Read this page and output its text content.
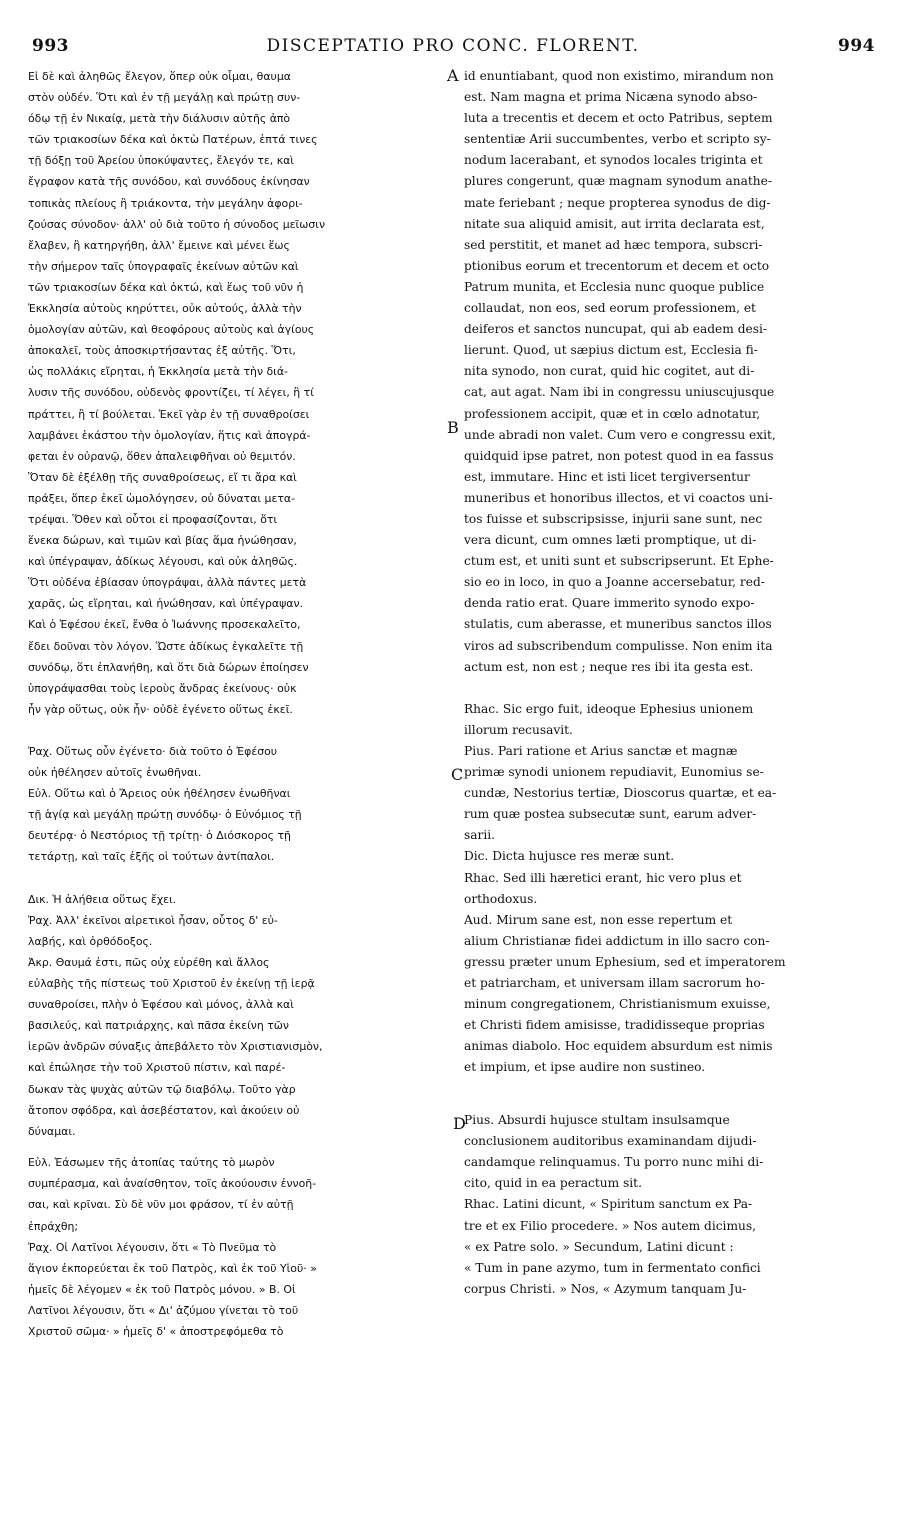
993	DISCEPTATIO PRO CONC. FLORENT.	994
Εἰ δὲ καὶ ἀληθῶς ἔλεγον, ὅπερ οὐκ οἶμαι, θαυμα
στὸν οὐδέν. Ὅτι καὶ ἐν τῇ μεγάλῃ καὶ πρώτῃ συν-
όδῳ τῇ ἐν Νικαίᾳ, μετὰ τὴν διάλυσιν αὐτῆς ἀπὸ
τῶν τριακοσίων δέκα καὶ ὀκτὼ Πατέρων, ἑπτά τινες
τῇ δόξῃ τοῦ Ἀρείου ὑποκύψαντες, ἔλεγόν τε, καὶ
ἔγραφον κατὰ τῆς συνόδου, καὶ συνόδους ἐκίνησαν
τοπικὰς πλείους ἢ τριάκοντα, τὴν μεγάλην ἀφορι-
ζούσας σύνοδον· ἀλλ' οὐ διὰ τοῦτο ἡ σύνοδος μεῖωσιν
ἔλαβεν, ἢ κατηργήθη, ἀλλ' ἔμεινε καὶ μένει ἕως
τὴν σήμερον ταῖς ὑπογραφαῖς ἐκείνων αὐτῶν καὶ
τῶν τριακοσίων δέκα καὶ ὀκτώ, καὶ ἕως τοῦ νῦν ἡ
Ἐκκλησία αὐτοὺς κηρύττει, οὐκ αὐτούς, ἀλλὰ τὴν
ὁμολογίαν αὐτῶν, καὶ θεοφόρους αὐτοὺς καὶ ἁγίους
ἀποκαλεῖ, τοὺς ἀποσκιρτήσαντας ἐξ αὐτῆς. Ὅτι,
ὡς πολλάκις εἴρηται, ἡ Ἐκκλησία μετὰ τὴν διά-
λυσιν τῆς συνόδου, οὐδενὸς φροντίζει, τί λέγει, ἢ τί
πράττει, ἢ τί βούλεται. Ἐκεῖ γὰρ ἐν τῇ συναθροίσει
λαμβάνει ἑκάστου τὴν ὁμολογίαν, ἥτις καὶ ἀπογρά-
φεται ἐν οὐρανῷ, ὅθεν ἀπαλειφθῆναι οὐ θεμιτόν.
Ὅταν δὲ ἐξέλθῃ τῆς συναθροίσεως, εἴ τι ἄρα καὶ
πράξει, ὅπερ ἐκεῖ ὡμολόγησεν, οὐ δύναται μετα-
τρέψαι. Ὅθεν καὶ οὗτοι εἰ προφασίζονται, ὅτι
ἕνεκα δώρων, καὶ τιμῶν καὶ βίας ἅμα ἡνώθησαν,
καὶ ὑπέγραψαν, ἀδίκως λέγουσι, καὶ οὐκ ἀληθῶς.
Ὅτι οὐδένα ἐβίασαν ὑπογράψαι, ἀλλὰ πάντες μετὰ
χαρᾶς, ὡς εἴρηται, καὶ ἡνώθησαν, καὶ ὑπέγραψαν.
Καὶ ὁ Ἐφέσου ἐκεῖ, ἔνθα ὁ Ἰωάννης προσεκαλεῖτο,
ἔδει δοῦναι τὸν λόγον. Ὥστε ἀδίκως ἐγκαλεῖτε τῇ
συνόδῳ, ὅτι ἐπλανήθη, καὶ ὅτι διὰ δώρων ἐποίησεν
ὑπογράψασθαι τοὺς ἱεροὺς ἄνδρας ἐκείνους· οὐκ
ἦν γὰρ οὕτως, οὐκ ἦν· οὐδὲ ἐγένετο οὕτως ἐκεῖ.
Ῥαχ. Οὕτως οὖν ἐγένετο· διὰ τοῦτο ὁ Ἐφέσου
οὐκ ἠθέλησεν αὐτοῖς ἑνωθῆναι.
Εὐλ. Οὕτω καὶ ὁ Ἄρειος οὐκ ἠθέλησεν ἑνωθῆναι
τῇ ἁγίᾳ καὶ μεγάλῃ πρώτῃ συνόδῳ· ὁ Εὐνόμιος τῇ
δευτέρᾳ· ὁ Νεστόριος τῇ τρίτῃ· ὁ Διόσκορος τῇ
τετάρτῃ, καὶ ταῖς ἑξῆς οἱ τούτων ἀντίπαλοι.
Δικ. Ἡ ἀλήθεια οὕτως ἔχει.
Ῥαχ. Ἀλλ' ἐκεῖνοι αἱρετικοὶ ἦσαν, οὗτος δ' εὐ-
λαβής, καὶ ὀρθόδοξος.
Ἀκρ. Θαυμά ἐστι, πῶς οὐχ εὑρέθη καὶ ἄλλος
εὐλαβὴς τῆς πίστεως τοῦ Χριστοῦ ἐν ἐκείνῃ τῇ ἱερᾷ
συναθροίσει, πλὴν ὁ Ἐφέσου καὶ μόνος, ἀλλὰ καὶ
βασιλεύς, καὶ πατριάρχης, καὶ πᾶσα ἐκείνη τῶν
ἱερῶν ἀνδρῶν σύναξις ἀπεβάλετο τὸν Χριστιανισμὸν,
καὶ ἐπώλησε τὴν τοῦ Χριστοῦ πίστιν, καὶ παρέ-
δωκαν τὰς ψυχὰς αὐτῶν τῷ διαβόλῳ. Τοῦτο γὰρ
ἄτοπον σφόδρα, καὶ ἀσεβέστατον, καὶ ἀκούειν οὐ
δύναμαι.
Εὐλ. Ἐάσωμεν τῆς ἀτοπίας ταύτης τὸ μωρὸν
συμπέρασμα, καὶ ἀναίσθητον, τοῖς ἀκούουσιν ἐννοῆ-
σαι, καὶ κρῖναι. Σὺ δὲ νῦν μοι φράσον, τί ἐν αὐτῇ
ἐπράχθη;
Ῥαχ. Οἱ Λατῖνοι λέγουσιν, ὅτι « Τὸ Πνεῦμα τὸ
ἅγιον ἐκπορεύεται ἐκ τοῦ Πατρὸς, καὶ ἐκ τοῦ Υἱοῦ· »
ἡμεῖς δὲ λέγομεν « ἐκ τοῦ Πατρὸς μόνου. » Β. Οἱ
Λατῖνοι λέγουσιν, ὅτι « Δι' ἀζύμου γίνεται τὸ τοῦ
Χριστοῦ σῶμα· » ἡμεῖς δ' « ἀποστρεφόμεθα τὸ
id enuntiabant, quod non existimo, mirandum non
est. Nam magna et prima Nicæna synodo abso-
luta a trecentis et decem et octo Patribus, septem
sententiæ Arii succumbentes, verbo et scripto sy-
nodum lacerabant, et synodos locales triginta et
plures congerunt, quæ magnam synodum anathe-
mate feriebant ; neque propterea synodus de dig-
nitate sua aliquid amisit, aut irrita declarata est,
sed perstitit, et manet ad hæc tempora, subscri-
ptionibus eorum et trecentorum et decem et octo
Patrum munita, et Ecclesia nunc quoque publice
collaudat, non eos, sed eorum professionem, et
deiferos et sanctos nuncupat, qui ab eadem desi-
lierunt. Quod, ut sæpius dictum est, Ecclesia fi-
nita synodo, non curat, quid hic cogitet, aut di-
cat, aut agat. Nam ibi in congressu uniuscujusque
professionem accipit, quæ et in cœlo adnotatur,
unde abradi non valet. Cum vero e congressu exit,
quidquid ipse patret, non potest quod in ea fassus
est, immutare. Hinc et isti licet tergiversentur
muneribus et honoribus illectos, et vi coactos uni-
tos fuisse et subscripsisse, injurii sane sunt, nec
vera dicunt, cum omnes læti promptique, ut di-
ctum est, et uniti sunt et subscripserunt. Et Ephe-
sio eo in loco, in quo a Joanne accersebatur, red-
denda ratio erat. Quare immerito synodo expo-
stulatis, cum aberasse, et muneribus sanctos illos
viros ad subscribendum compulisse. Non enim ita
actum est, non est ; neque res ibi ita gesta est.
Rhac. Sic ergo fuit, ideoque Ephesius unionem
illorum recusavit.
Pius. Pari ratione et Arius sanctæ et magnæ
primæ synodi unionem repudiavit, Eunomius se-
cundæ, Nestorius tertiæ, Dioscorus quartæ, et ea-
rum quæ postea subsecutæ sunt, earum adver-
sarii.
Dic. Dicta hujusce res meræ sunt.
Rhac. Sed illi hæretici erant, hic vero plus et
orthodoxus.
Aud. Mirum sane est, non esse repertum et
alium Christianæ fidei addictum in illo sacro con-
gressu præter unum Ephesium, sed et imperatorem
et patriarcham, et universam illam sacrorum ho-
minum congregationem, Christianismum exuisse,
et Christi fidem amisisse, tradidisseque proprias
animas diabolo. Hoc equidem absurdum est nimis
et impium, et ipse audire non sustineo.
Pius. Absurdi hujusce stultam insulsamque
conclusionem auditoribus examinandam dijudi-
candamque relinquamus. Tu porro nunc mihi di-
cito, quid in ea peractum sit.
Rhac. Latini dicunt, « Spiritum sanctum ex Pa-
tre et ex Filio procedere. » Nos autem dicimus,
« ex Patre solo. » Secundum, Latini dicunt :
« Tum in pane azymo, tum in fermentato confici
corpus Christi. » Nos, « Azymum tanquam Ju-
A
B
C
D
